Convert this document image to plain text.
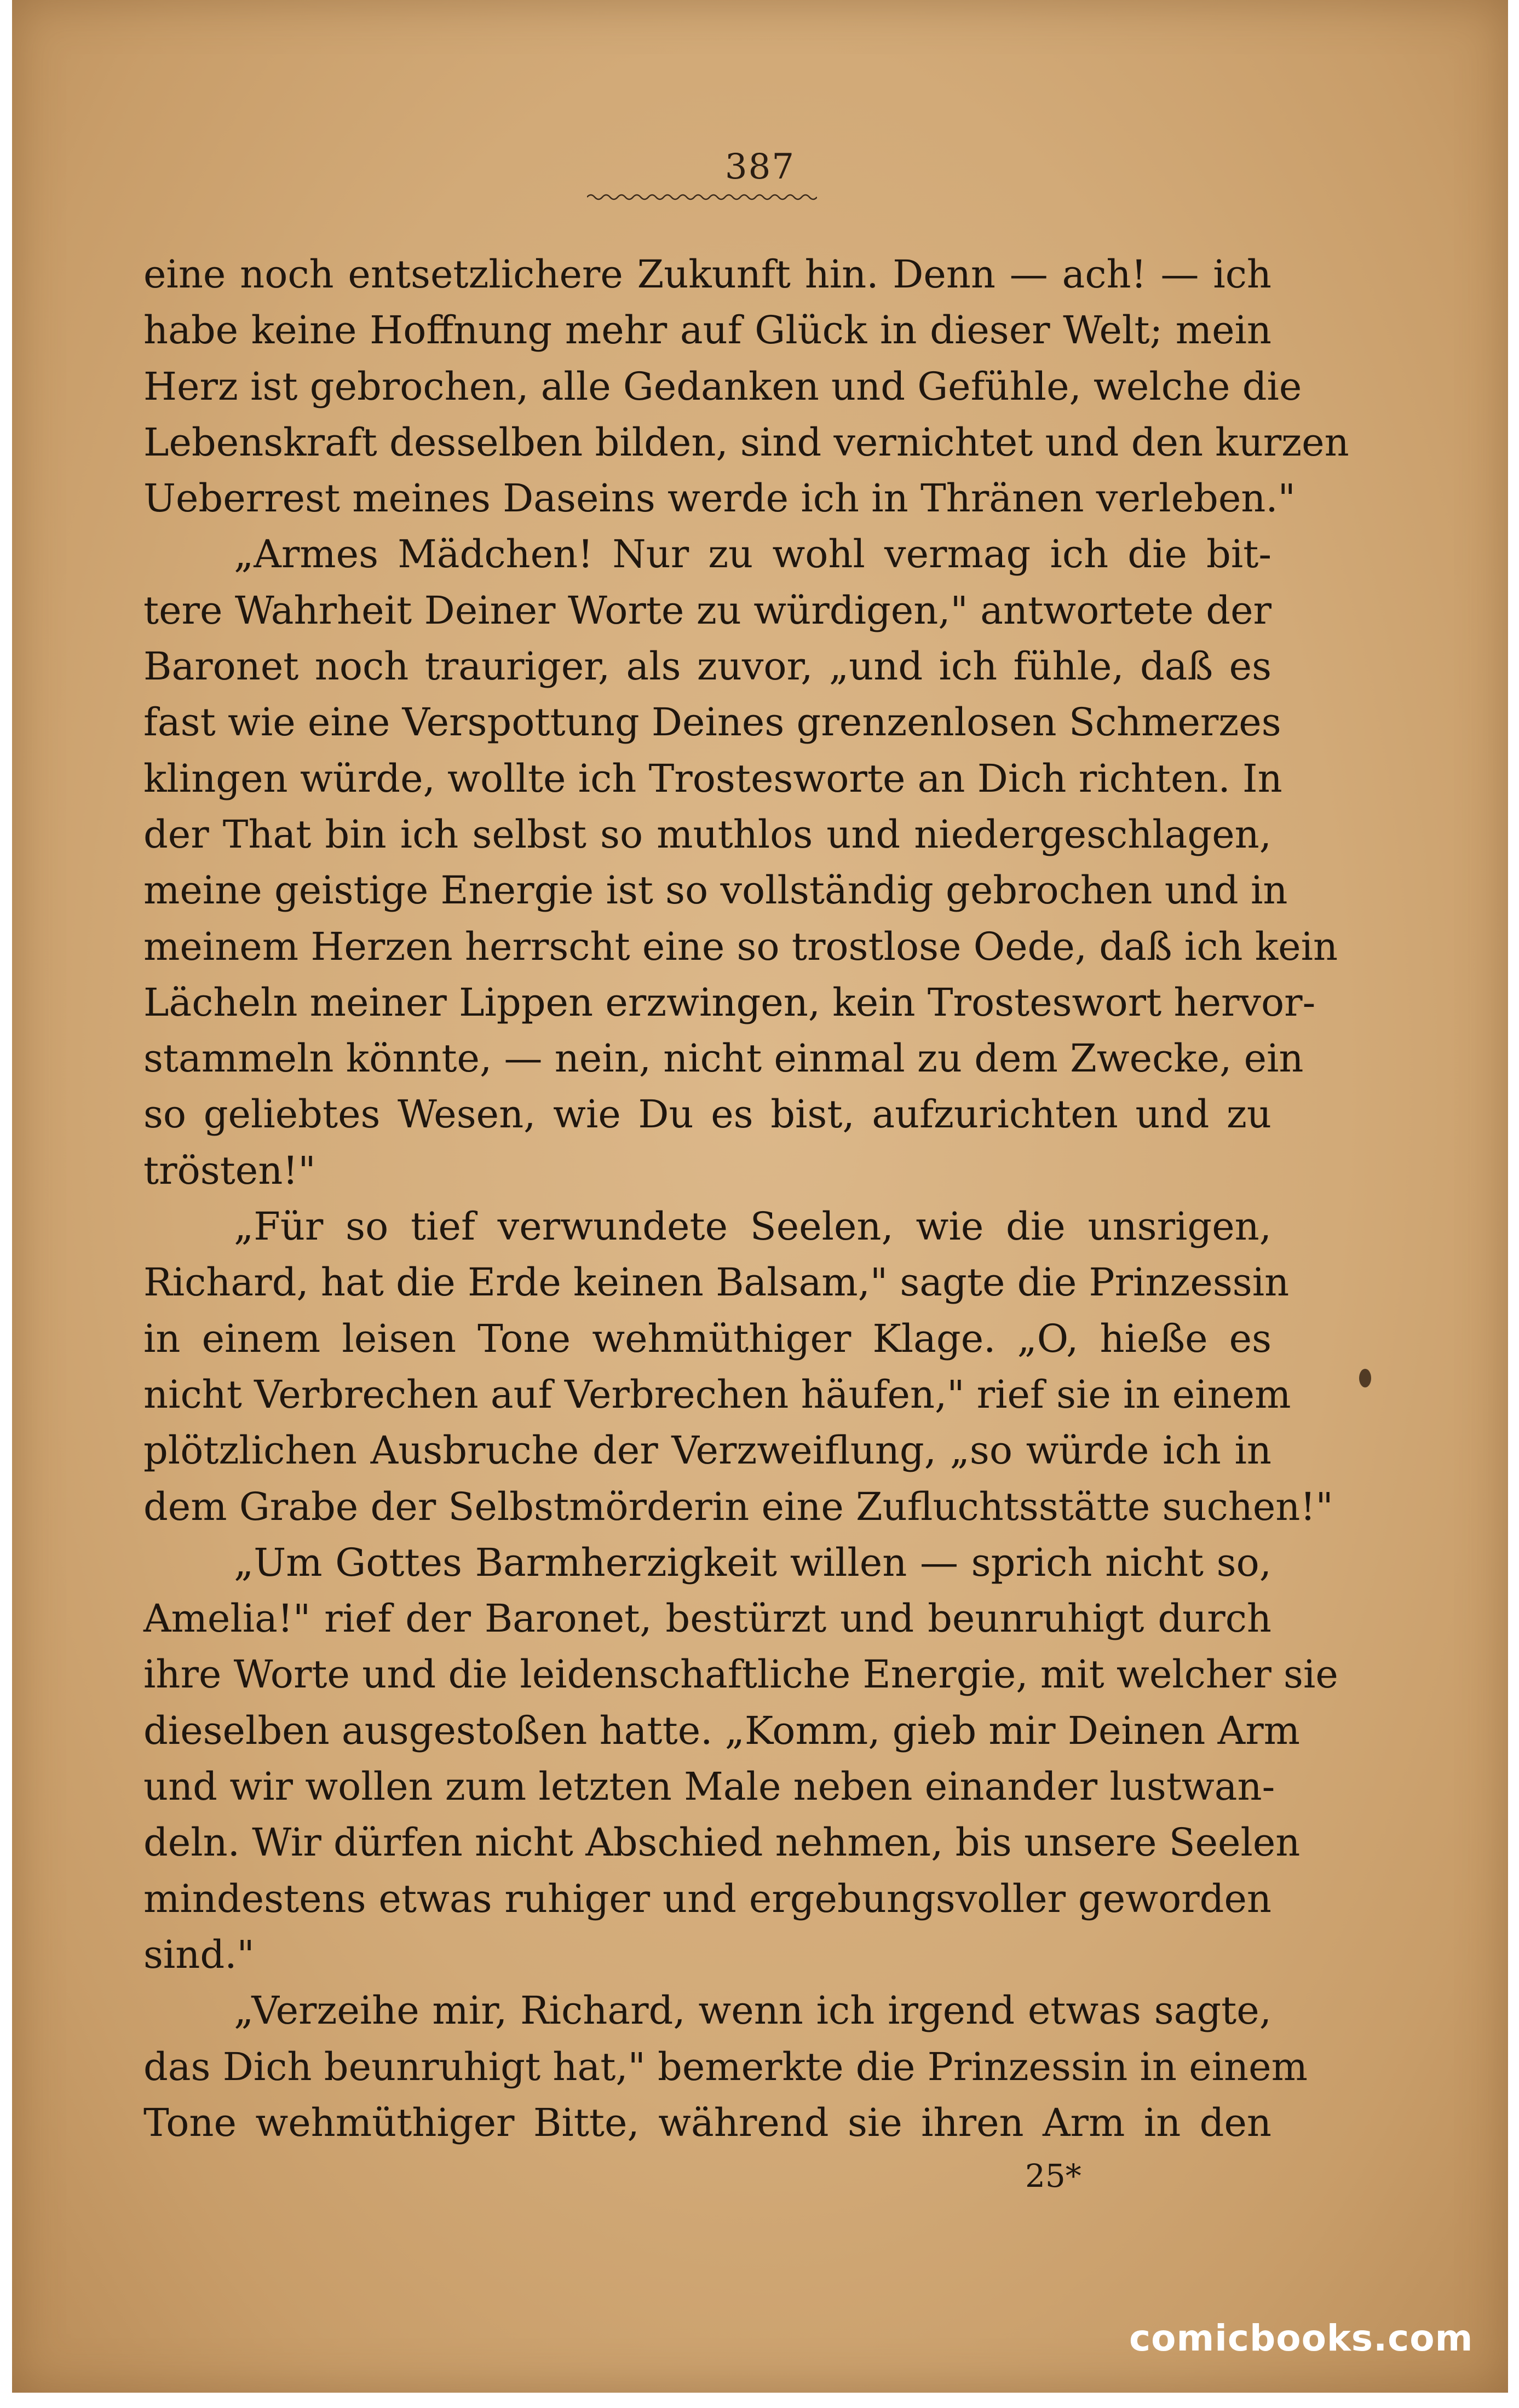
387
eine noch entsetzlichere Zukunft hin. Denn — ach! — ich
habe keine Hoffnung mehr auf Glück in dieser Welt; mein
Herz ist gebrochen, alle Gedanken und Gefühle, welche die
Lebenskraft desselben bilden, sind vernichtet und den kurzen
Ueberrest meines Daseins werde ich in Thränen verleben."
„Armes Mädchen! Nur zu wohl vermag ich die bit-
tere Wahrheit Deiner Worte zu würdigen," antwortete der
Baronet noch trauriger, als zuvor, „und ich fühle, daß es
fast wie eine Verspottung Deines grenzenlosen Schmerzes
klingen würde, wollte ich Trostesworte an Dich richten. In
der That bin ich selbst so muthlos und niedergeschlagen,
meine geistige Energie ist so vollständig gebrochen und in
meinem Herzen herrscht eine so trostlose Oede, daß ich kein
Lächeln meiner Lippen erzwingen, kein Trosteswort hervor-
stammeln könnte, — nein, nicht einmal zu dem Zwecke, ein
so geliebtes Wesen, wie Du es bist, aufzurichten und zu
trösten!"
„Für so tief verwundete Seelen, wie die unsrigen,
Richard, hat die Erde keinen Balsam," sagte die Prinzessin
in einem leisen Tone wehmüthiger Klage. „O, hieße es
nicht Verbrechen auf Verbrechen häufen," rief sie in einem
plötzlichen Ausbruche der Verzweiflung, „so würde ich in
dem Grabe der Selbstmörderin eine Zufluchtsstätte suchen!"
„Um Gottes Barmherzigkeit willen — sprich nicht so,
Amelia!" rief der Baronet, bestürzt und beunruhigt durch
ihre Worte und die leidenschaftliche Energie, mit welcher sie
dieselben ausgestoßen hatte. „Komm, gieb mir Deinen Arm
und wir wollen zum letzten Male neben einander lustwan-
deln. Wir dürfen nicht Abschied nehmen, bis unsere Seelen
mindestens etwas ruhiger und ergebungsvoller geworden
sind."
„Verzeihe mir, Richard, wenn ich irgend etwas sagte,
das Dich beunruhigt hat," bemerkte die Prinzessin in einem
Tone wehmüthiger Bitte, während sie ihren Arm in den
25*
comicbooks.com
